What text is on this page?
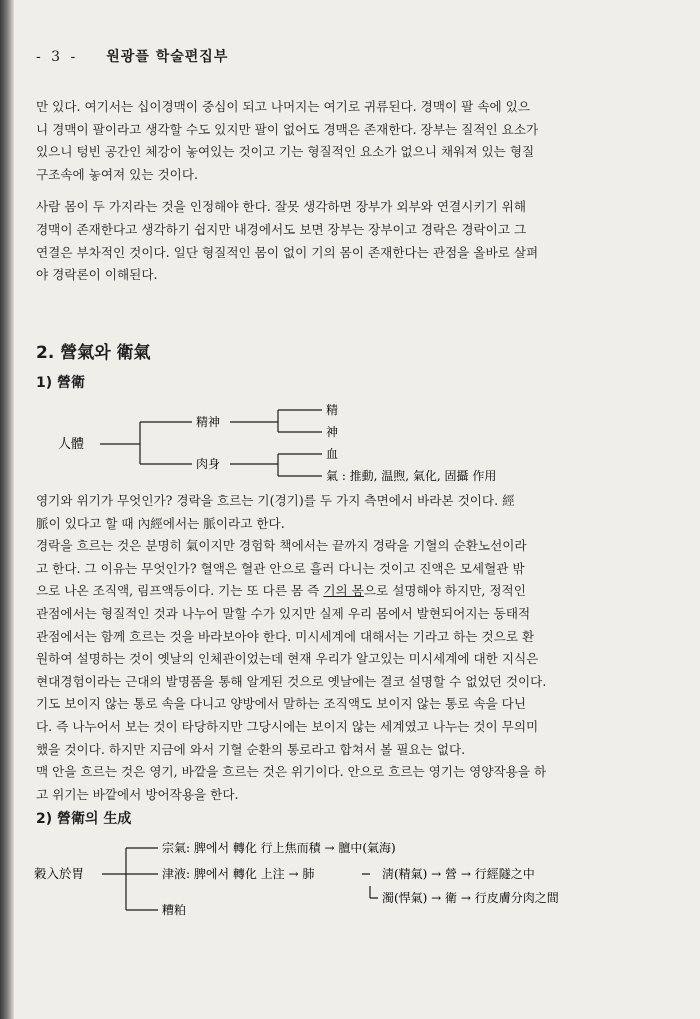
- 3 - 원광플 학술편집부

만 있다. 여기서는 십이경맥이 중심이 되고 나머지는 여기로 귀류된다. 경맥이 팔 속에 있으

니 경맥이 팔이라고 생각할 수도 있지만 팔이 없어도 경맥은 존재한다. 장부는 질적인 요소가

있으니 텅빈 공간인 체강이 놓여있는 것이고 기는 형질적인 요소가 없으니 채워져 있는 형질

구조속에 놓여져 있는 것이다.

사람 몸이 두 가지라는 것을 인정해야 한다. 잘못 생각하면 장부가 외부와 연결시키기 위해

경맥이 존재한다고 생각하기 쉽지만 내경에서도 보면 장부는 장부이고 경락은 경락이고 그

연결은 부차적인 것이다. 일단 형질적인 몸이 없이 기의 몸이 존재한다는 관점을 올바로 살펴

야 경락론이 이해된다.

2. 營氣와 衛氣
1) 營衛
人體
精神
肉身
精
神
血
氣 : 推動, 温煦, 氣化, 固攝 作用

영기와 위기가 무엇인가? 경락을 흐르는 기(경기)를 두 가지 측면에서 바라본 것이다. 經

脈이 있다고 할 때 內經에서는 脈이라고 한다.

경락을 흐르는 것은 분명히 氣이지만 경험학 책에서는 끝까지 경락을 기혈의 순환노선이라

고 한다. 그 이유는 무엇인가? 혈액은 혈관 안으로 흘러 다니는 것이고 진액은 모세혈관 밖

으로 나온 조직액, 림프액등이다. 기는 또 다른 몸 즉 기의 몸으로 설명해야 하지만, 정적인

관점에서는 형질적인 것과 나누어 말할 수가 있지만 실제 우리 몸에서 발현되어지는 동태적

관점에서는 함께 흐르는 것을 바라보아야 한다. 미시세계에 대해서는 기라고 하는 것으로 환

원하여 설명하는 것이 옛날의 인체관이었는데 현재 우리가 알고있는 미시세계에 대한 지식은

현대경험이라는 근대의 발명품을 통해 알게된 것으로 옛날에는 결코 설명할 수 없었던 것이다.

기도 보이지 않는 통로 속을 다니고 양방에서 말하는 조직액도 보이지 않는 통로 속을 다닌

다. 즉 나누어서 보는 것이 타당하지만 그당시에는 보이지 않는 세계였고 나누는 것이 무의미

했을 것이다. 하지만 지금에 와서 기혈 순환의 통로라고 합쳐서 볼 필요는 없다.

맥 안을 흐르는 것은 영기, 바깥을 흐르는 것은 위기이다. 안으로 흐르는 영기는 영양작용을 하

고 위기는 바깥에서 방어작용을 한다.

2) 營衛의 生成
穀入於胃
宗氣: 脾에서 轉化 行上焦而積 → 膻中(氣海)
津液: 脾에서 轉化 上注 → 肺	淸(精氣) → 營 → 行經隧之中
濁(悍氣) → 衛 → 行皮膚分肉之間
糟粕
